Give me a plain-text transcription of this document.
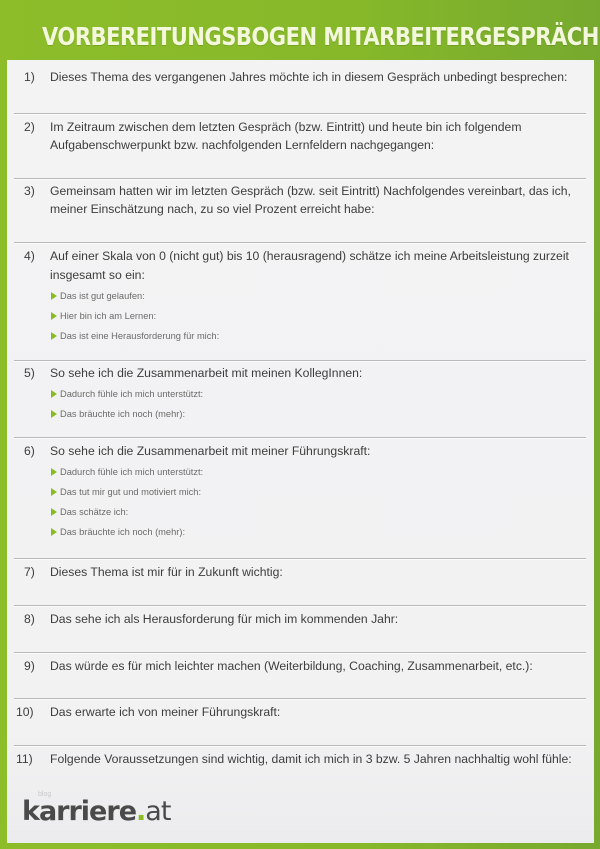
VORBEREITUNGSBOGEN MITARBEITERGESPRÄCH
1)	Dieses Thema des vergangenen Jahres möchte ich in diesem Gespräch unbedingt besprechen:
2)	Im Zeitraum zwischen dem letzten Gespräch (bzw. Eintritt) und heute bin ich folgendem Aufgabenschwerpunkt bzw. nachfolgenden Lernfeldern nachgegangen:
3)	Gemeinsam hatten wir im letzten Gespräch (bzw. seit Eintritt) Nachfolgendes vereinbart, das ich, meiner Einschätzung nach, zu so viel Prozent erreicht habe:
4)	Auf einer Skala von 0 (nicht gut) bis 10 (herausragend) schätze ich meine Arbeitsleistung zurzeit insgesamt so ein:
Das ist gut gelaufen:
Hier bin ich am Lernen:
Das ist eine Herausforderung für mich:
5)	So sehe ich die Zusammenarbeit mit meinen KollegInnen:
Dadurch fühle ich mich unterstützt:
Das bräuchte ich noch (mehr):
6)	So sehe ich die Zusammenarbeit mit meiner Führungskraft:
Dadurch fühle ich mich unterstützt:
Das tut mir gut und motiviert mich:
Das schätze ich:
Das bräuchte ich noch (mehr):
7)	Dieses Thema ist mir für in Zukunft wichtig:
8)	Das sehe ich als Herausforderung für mich im kommenden Jahr:
9)	Das würde es für mich leichter machen (Weiterbildung, Coaching, Zusammenarbeit, etc.):
10)	Das erwarte ich von meiner Führungskraft:
11)	Folgende Voraussetzungen sind wichtig, damit ich mich in 3 bzw. 5 Jahren nachhaltig wohl fühle:
blog
karriere.at
